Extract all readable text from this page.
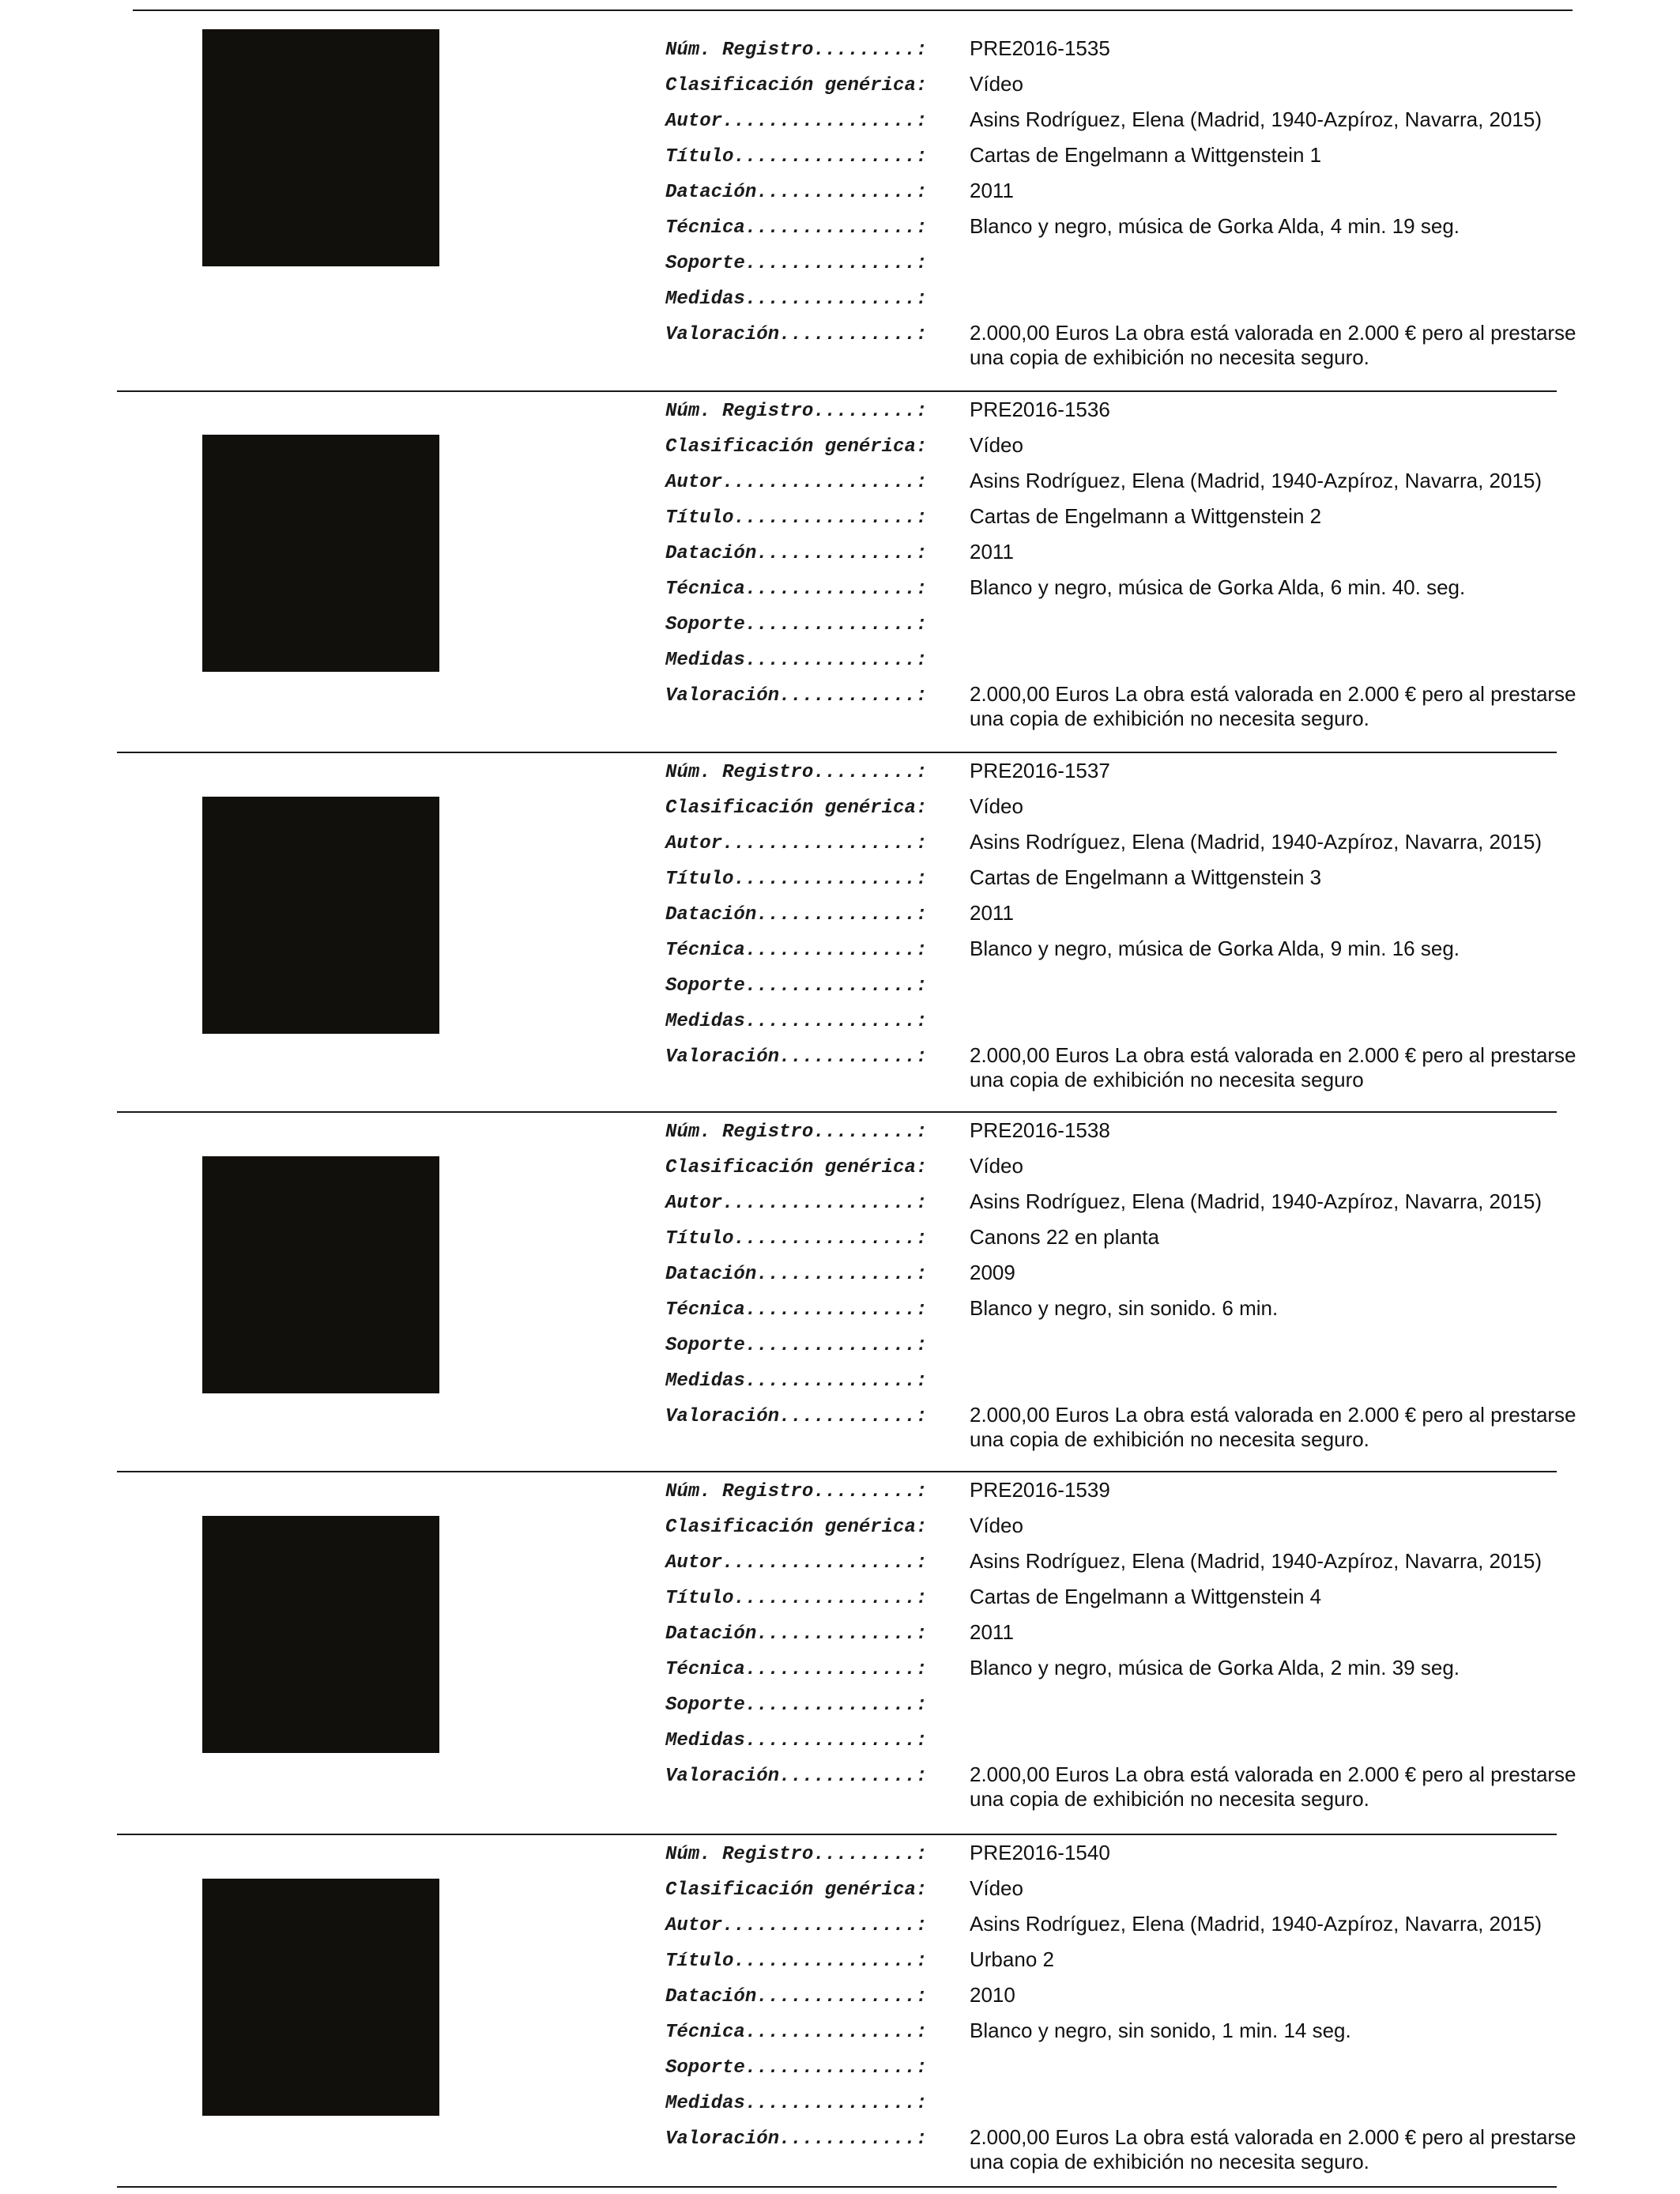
Núm. Registro.........:	PRE2016-1535
Clasificación genérica:	Vídeo
Autor.................:	Asins Rodríguez, Elena (Madrid, 1940-Azpíroz, Navarra, 2015)
Título................:	Cartas de Engelmann a Wittgenstein 1
Datación..............:	2011
Técnica...............:	Blanco y negro, música de Gorka Alda, 4 min. 19 seg.
Soporte...............:
Medidas...............:
Valoración............:	2.000,00 Euros La obra está valorada en 2.000 € pero al prestarse una copia de exhibición no necesita seguro.
Núm. Registro.........:	PRE2016-1536
Clasificación genérica:	Vídeo
Autor.................:	Asins Rodríguez, Elena (Madrid, 1940-Azpíroz, Navarra, 2015)
Título................:	Cartas de Engelmann a Wittgenstein 2
Datación..............:	2011
Técnica...............:	Blanco y negro, música de Gorka Alda, 6 min. 40. seg.
Soporte...............:
Medidas...............:
Valoración............:	2.000,00 Euros La obra está valorada en 2.000 € pero al prestarse una copia de exhibición no necesita seguro.
Núm. Registro.........:	PRE2016-1537
Clasificación genérica:	Vídeo
Autor.................:	Asins Rodríguez, Elena (Madrid, 1940-Azpíroz, Navarra, 2015)
Título................:	Cartas de Engelmann a Wittgenstein 3
Datación..............:	2011
Técnica...............:	Blanco y negro, música de Gorka Alda, 9 min. 16 seg.
Soporte...............:
Medidas...............:
Valoración............:	2.000,00 Euros La obra está valorada en 2.000 € pero al prestarse una copia de exhibición no necesita seguro
Núm. Registro.........:	PRE2016-1538
Clasificación genérica:	Vídeo
Autor.................:	Asins Rodríguez, Elena (Madrid, 1940-Azpíroz, Navarra, 2015)
Título................:	Canons 22 en planta
Datación..............:	2009
Técnica...............:	Blanco y negro, sin sonido. 6 min.
Soporte...............:
Medidas...............:
Valoración............:	2.000,00 Euros La obra está valorada en 2.000 € pero al prestarse una copia de exhibición no necesita seguro.
Núm. Registro.........:	PRE2016-1539
Clasificación genérica:	Vídeo
Autor.................:	Asins Rodríguez, Elena (Madrid, 1940-Azpíroz, Navarra, 2015)
Título................:	Cartas de Engelmann a Wittgenstein 4
Datación..............:	2011
Técnica...............:	Blanco y negro, música de Gorka Alda, 2 min. 39 seg.
Soporte...............:
Medidas...............:
Valoración............:	2.000,00 Euros La obra está valorada en 2.000 € pero al prestarse una copia de exhibición no necesita seguro.
Núm. Registro.........:	PRE2016-1540
Clasificación genérica:	Vídeo
Autor.................:	Asins Rodríguez, Elena (Madrid, 1940-Azpíroz, Navarra, 2015)
Título................:	Urbano 2
Datación..............:	2010
Técnica...............:	Blanco y negro, sin sonido, 1 min. 14 seg.
Soporte...............:
Medidas...............:
Valoración............:	2.000,00 Euros La obra está valorada en 2.000 € pero al prestarse una copia de exhibición no necesita seguro.
